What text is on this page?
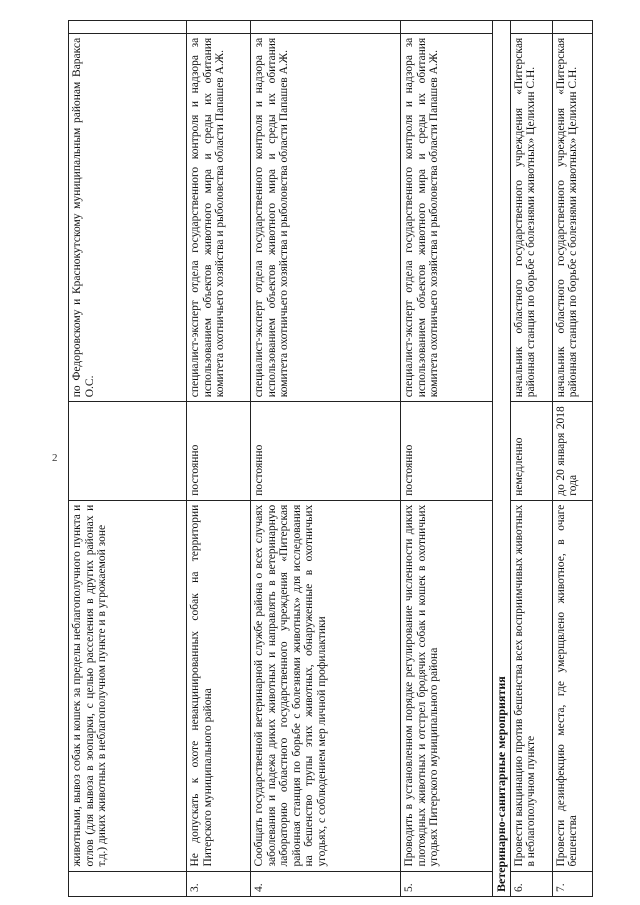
2
	животными, вывоз собак и кошек за пределы неблагополучного пункта и отлов (для вывоза в зоопарки, с целью расселения в других районах и т.д.) диких животных в неблагополучном пункте и в угрожаемой зоне		по Федоровскому и Краснокутскому муниципальным районам Варакса О.С.	
3.	Не допускать к охоте невакцинированных собак на территории Питерского муниципального района	постоянно	специалист-эксперт отдела государственного контроля и надзора за использованием объектов животного мира и среды их обитания комитета охотничьего хозяйства и рыболовства области Папашев А.Ж.	
4.	Сообщать государственной ветеринарной службе района о всех случаях заболевания и падежа диких животных и направлять в ветеринарную лабораторию областного государственного учреждения «Питерская районная станция по борьбе с болезнями животных» для исследования на бешенство трупы этих животных, обнаруженные в охотничьих угодьях, с соблюдением мер личной профилактики	постоянно	специалист-эксперт отдела государственного контроля и надзора за использованием объектов животного мира и среды их обитания комитета охотничьего хозяйства и рыболовства области Папашев А.Ж.	
5.	Проводить в установленном порядке регулирование численности диких плотоядных животных и отстрел бродячих собак и кошек в охотничьих угодьях Питерского муниципального района	постоянно	специалист-эксперт отдела государственного контроля и надзора за использованием объектов животного мира и среды их обитания комитета охотничьего хозяйства и рыболовства области Папашев А.Ж.	
Ветеринарно-санитарные мероприятия				
6.	Провести вакцинацию против бешенства всех восприимчивых животных в неблагополучном пункте	немедленно	начальник областного государственного учреждения «Питерская районная станция по борьбе с болезнями животных» Целихин С.Н.	
7.	Провести дезинфекцию места, где умерщвлено животное, в очаге бешенства	до 20 января 2018 года	начальник областного государственного учреждения «Питерская районная станция по борьбе с болезнями животных» Целихин С.Н.	
